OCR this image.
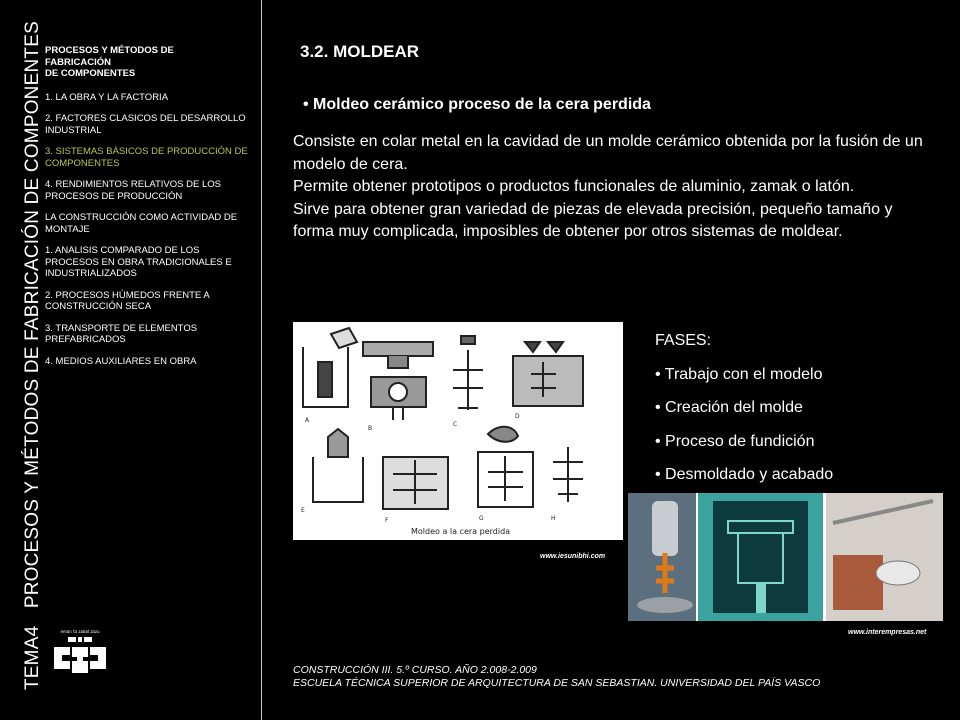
TEMA4 PROCESOS Y MÉTODOS DE FABRICACIÓN DE COMPONENTES PROCESOS Y MÉTODOS DE
FABRICACIÓN
DE COMPONENTES
1. LA OBRA Y LA FACTORIA
2. FACTORES CLASICOS DEL DESARROLLO INDUSTRIAL
3. SISTEMAS BÁSICOS DE PRODUCCIÓN DE COMPONENTES
4. RENDIMIENTOS RELATIVOS DE LOS PROCESOS DE PRODUCCIÓN
LA CONSTRUCCIÓN COMO ACTIVIDAD DE MONTAJE
1. ANALISIS COMPARADO DE LOS PROCESOS EN OBRA TRADICIONALES E INDUSTRIALIZADOS
2. PROCESOS HÚMEDOS FRENTE A CONSTRUCCIÓN SECA
3. TRANSPORTE DE ELEMENTOS PREFABRICADOS
4. MEDIOS AUXILIARES EN OBRA
eman ta zabal zazu
3.2. MOLDEAR
• Moldeo cerámico proceso de la cera perdida
Consiste en colar metal en la cavidad de un molde cerámico obtenida por la fusión de un modelo de cera.
Permite obtener prototipos o productos funcionales de aluminio, zamak o latón.
Sirve para obtener gran variedad de piezas de elevada precisión, pequeño tamaño y forma muy complicada, imposibles de obtener por otros sistemas de moldear.
A
B
C
D
E
F	G	H
Moldeo a la cera perdida
www.iesunibhi.com
FASES:
• Trabajo con el modelo
• Creación del molde
• Proceso de fundición
• Desmoldado y acabado
www.interempresas.net
CONSTRUCCIÓN III. 5.º CURSO. AÑO 2.008-2.009
ESCUELA TÉCNICA SUPERIOR DE ARQUITECTURA DE SAN SEBASTIAN. UNIVERSIDAD DEL PAÍS VASCO
